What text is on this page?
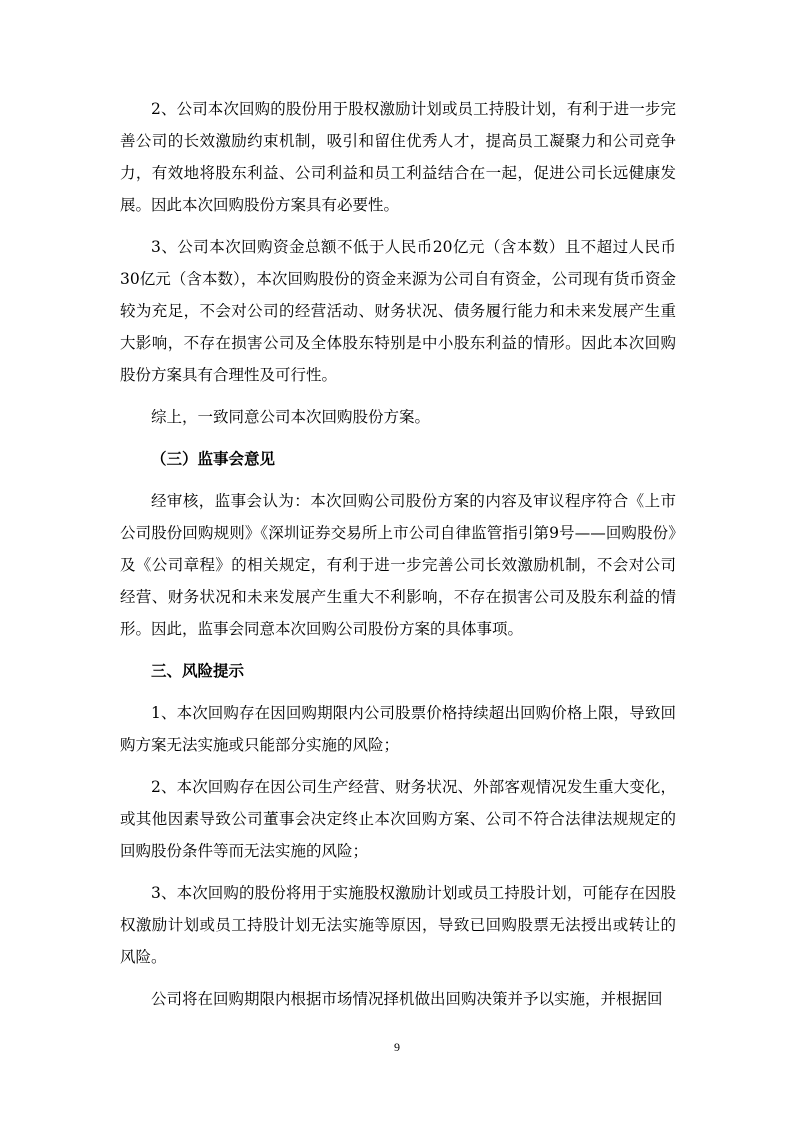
2、公司本次回购的股份用于股权激励计划或员工持股计划，有利于进一步完善公司的长效激励约束机制，吸引和留住优秀人才，提高员工凝聚力和公司竞争力，有效地将股东利益、公司利益和员工利益结合在一起，促进公司长远健康发展。因此本次回购股份方案具有必要性。

3、公司本次回购资金总额不低于人民币20亿元（含本数）且不超过人民币30亿元（含本数），本次回购股份的资金来源为公司自有资金，公司现有货币资金较为充足，不会对公司的经营活动、财务状况、债务履行能力和未来发展产生重大影响，不存在损害公司及全体股东特别是中小股东利益的情形。因此本次回购股份方案具有合理性及可行性。

综上，一致同意公司本次回购股份方案。

（三）监事会意见

经审核，监事会认为：本次回购公司股份方案的内容及审议程序符合《上市公司股份回购规则》《深圳证券交易所上市公司自律监管指引第9号——回购股份》及《公司章程》的相关规定，有利于进一步完善公司长效激励机制，不会对公司经营、财务状况和未来发展产生重大不利影响，不存在损害公司及股东利益的情形。因此，监事会同意本次回购公司股份方案的具体事项。

三、风险提示

1、本次回购存在因回购期限内公司股票价格持续超出回购价格上限，导致回购方案无法实施或只能部分实施的风险；

2、本次回购存在因公司生产经营、财务状况、外部客观情况发生重大变化，或其他因素导致公司董事会决定终止本次回购方案、公司不符合法律法规规定的回购股份条件等而无法实施的风险；

3、本次回购的股份将用于实施股权激励计划或员工持股计划，可能存在因股权激励计划或员工持股计划无法实施等原因，导致已回购股票无法授出或转让的风险。

公司将在回购期限内根据市场情况择机做出回购决策并予以实施，并根据回

9
